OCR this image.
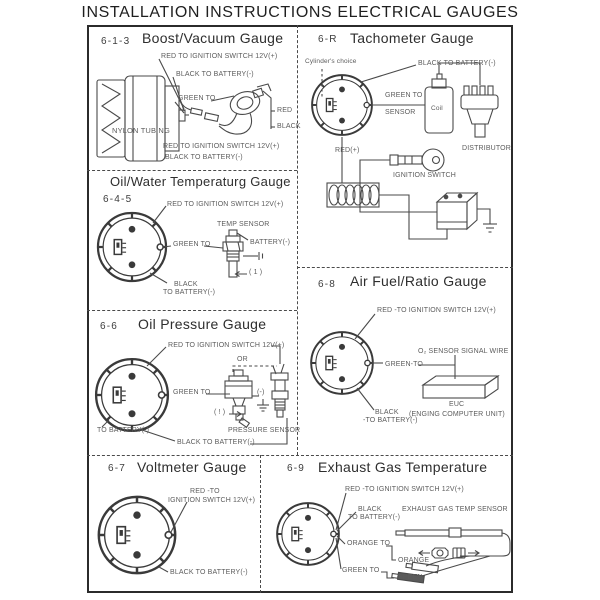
INSTALLATION INSTRUCTIONS ELECTRICAL GAUGES
6-1-3 Boost/Vacuum Gauge
RED TO IGNITION SWITCH 12V(+)
BLACK TO BATTERY(-)
GREEN TO
NYLON TUBING
RED
BLACK
RED TO IGNITION SWITCH 12V(+)
BLACK TO BATTERY(-)
6-R Tachometer Gauge
Cylinder's choice	BLACK TO BATTERY(-)
GREEN TO
SENSOR
Coil
DISTRIBUTOR
RED(+)
IGNITION SWITCH
Oil/Water Temperaturg Gauge
6-4-5	RED TO IGNITION SWITCH 12V(+)
TEMP SENSOR
GREEN TO	BATTERY(-)
BLACK
TO BATTERY(-)
( 1 )
6-6 Oil Pressure Gauge
RED TO IGNITION SWITCH 12V(+)
GREEN TO
OR
(-)
( ! )
TO BATTERY(-)
BLACK TO BATTERY(-)
PRESSURE SENSOR
6-8 Air Fuel/Ratio Gauge
RED -TO IGNITION SWITCH 12V(+)
O₂ SENSOR SIGNAL WIRE
GREEN-TO
BLACK
-TO BATTERY(-)
EUC
(ENGING COMPUTER UNIT)
6-7 Voltmeter Gauge
RED -TO
IGNITION SWITCH 12V(+)
BLACK TO BATTERY(-)
6-9 Exhaust Gas Temperature
RED -TO IGNITION SWITCH 12V(+)
BLACK
TO BATTERY(-)
EXHAUST GAS TEMP SENSOR
ORANGE TO
ORANGE
GREEN TO
GREEN
